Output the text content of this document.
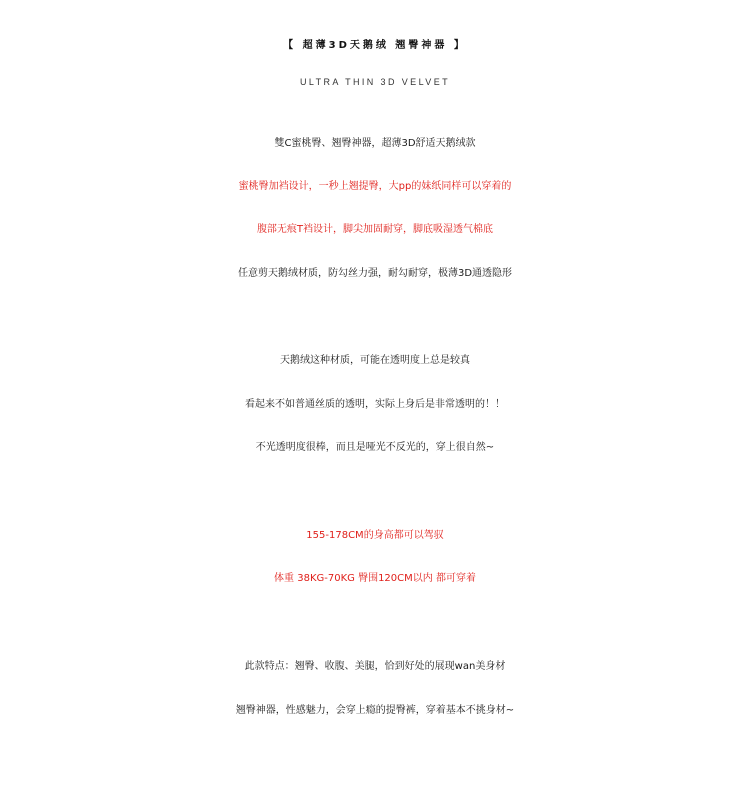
【 超薄3D天鹅绒 翘臀神器 】
ULTRA THIN 3D VELVET
雙C蜜桃臀、翘臀神器，超薄3D舒适天鹅绒款
蜜桃臀加裆设计，一秒上翘提臀，大pp的妹纸同样可以穿着的
腹部无痕T裆设计，脚尖加固耐穿，脚底吸湿透气棉底
任意剪天鹅绒材质，防勾丝力强，耐勾耐穿，极薄3D通透隐形
天鹅绒这种材质，可能在透明度上总是较真
看起来不如普通丝质的透明，实际上身后是非常透明的！！
不光透明度很棒，而且是哑光不反光的，穿上很自然~
155-178CM的身高都可以驾驭
体重 38KG-70KG 臀围120CM以内 都可穿着
此款特点：翘臀、收腹、美腿，恰到好处的展现wan美身材
翘臀神器，性感魅力，会穿上瘾的提臀裤，穿着基本不挑身材~
